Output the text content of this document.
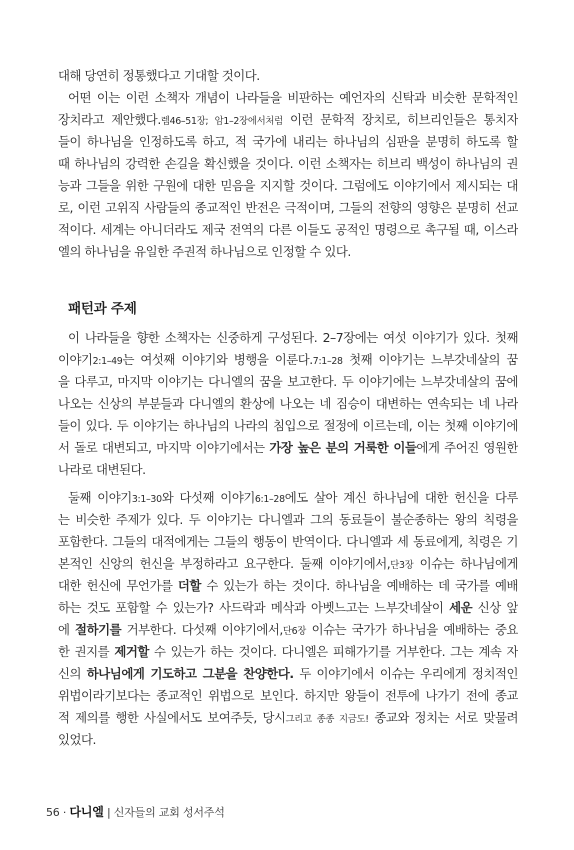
대해 당연히 정통했다고 기대할 것이다.
어떤 이는 이런 소책자 개념이 나라들을 비판하는 예언자의 신탁과 비슷한 문학적인
장치라고 제안했다.렘46–51장; 암1–2장에서처럼 이런 문학적 장치로, 히브리인들은 통치자
들이 하나님을 인정하도록 하고, 적 국가에 내리는 하나님의 심판을 분명히 하도록 할
때 하나님의 강력한 손길을 확신했을 것이다. 이런 소책자는 히브리 백성이 하나님의 권
능과 그들을 위한 구원에 대한 믿음을 지지할 것이다. 그럼에도 이야기에서 제시되는 대
로, 이런 고위직 사람들의 종교적인 반전은 극적이며, 그들의 전향의 영향은 분명히 선교
적이다. 세계는 아니더라도 제국 전역의 다른 이들도 공적인 명령으로 촉구될 때, 이스라
엘의 하나님을 유일한 주권적 하나님으로 인정할 수 있다.
패턴과 주제
이 나라들을 향한 소책자는 신중하게 구성된다. 2–7장에는 여섯 이야기가 있다. 첫째
이야기2:1–49는 여섯째 이야기와 병행을 이룬다.7:1–28 첫째 이야기는 느부갓네살의 꿈
을 다루고, 마지막 이야기는 다니엘의 꿈을 보고한다. 두 이야기에는 느부갓네살의 꿈에
나오는 신상의 부분들과 다니엘의 환상에 나오는 네 짐승이 대변하는 연속되는 네 나라
들이 있다. 두 이야기는 하나님의 나라의 침입으로 절정에 이르는데, 이는 첫째 이야기에
서 돌로 대변되고, 마지막 이야기에서는 가장 높은 분의 거룩한 이들에게 주어진 영원한
나라로 대변된다.
둘째 이야기3:1–30와 다섯째 이야기6:1–28에도 살아 계신 하나님에 대한 헌신을 다루
는 비슷한 주제가 있다. 두 이야기는 다니엘과 그의 동료들이 불순종하는 왕의 칙령을
포함한다. 그들의 대적에게는 그들의 행동이 반역이다. 다니엘과 세 동료에게, 칙령은 기
본적인 신앙의 헌신을 부정하라고 요구한다. 둘째 이야기에서,단3장 이슈는 하나님에게
대한 헌신에 무언가를 더할 수 있는가 하는 것이다. 하나님을 예배하는 데 국가를 예배
하는 것도 포함할 수 있는가? 사드락과 메삭과 아벳느고는 느부갓네살이 세운 신상 앞
에 절하기를 거부한다. 다섯째 이야기에서,단6장 이슈는 국가가 하나님을 예배하는 중요
한 권지를 제거할 수 있는가 하는 것이다. 다니엘은 피해가기를 거부한다. 그는 계속 자
신의 하나님에게 기도하고 그분을 찬양한다. 두 이야기에서 이슈는 우리에게 정치적인
위법이라기보다는 종교적인 위법으로 보인다. 하지만 왕들이 전투에 나가기 전에 종교
적 제의를 행한 사실에서도 보여주듯, 당시그리고 종종 지금도! 종교와 정치는 서로 맞물려
있었다.
56 · 다니엘 | 신자들의 교회 성서주석
